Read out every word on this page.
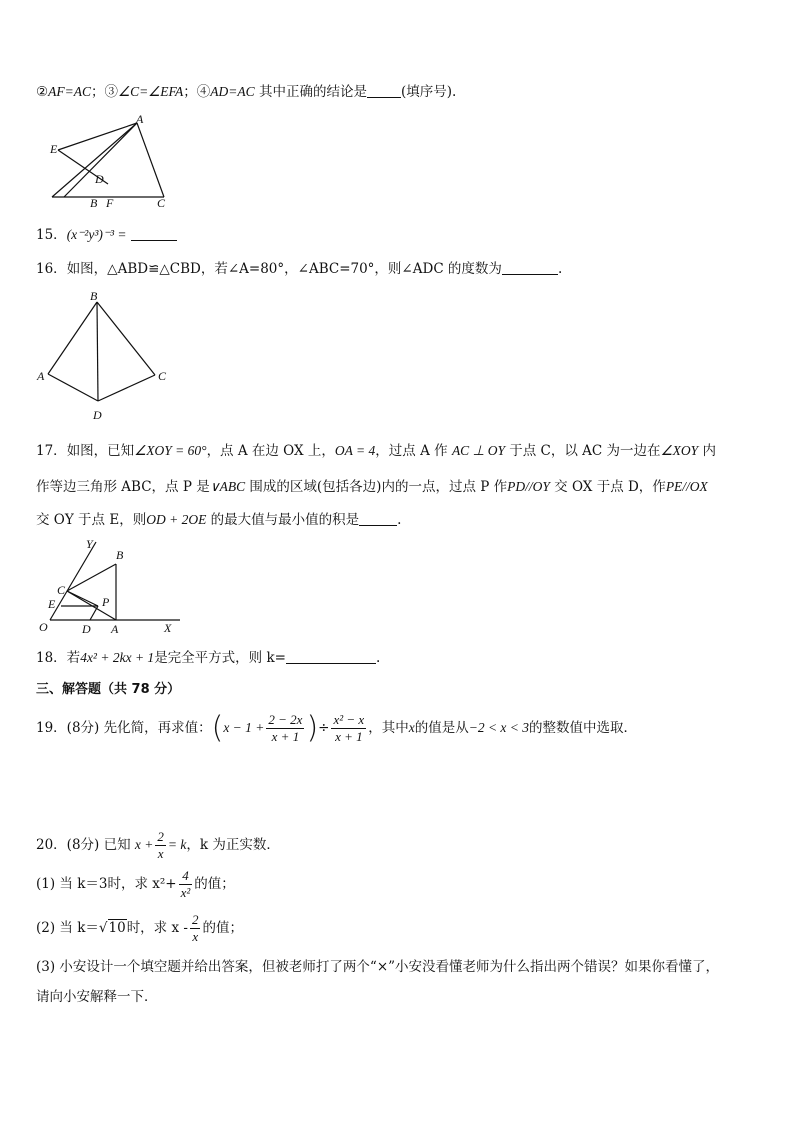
②AF=AC；③∠C=∠EFA；④AD=AC 其中正确的结论是	(填序号).
A
E
D
B F	C
15．(x⁻²y³)⁻³ =
16．如图，△ABD≌△CBD，若∠A=80°，∠ABC=70°，则∠ADC 的度数为	.
B
A	C
D
17．如图，已知∠XOY = 60°，点 A 在边 OX 上，OA = 4，过点 A 作 AC ⊥ OY 于点 C，以 AC 为一边在∠XOY 内
作等边三角形 ABC，点 P 是∨ABC 围成的区域(包括各边)内的一点，过点 P 作PD//OY 交 OX 于点 D，作PE//OX
交 OY 于点 E，则OD + 2OE 的最大值与最小值的积是	.
Y
B
C
E	P
O	D A	X
18．若4x² + 2kx + 1是完全平方式，则 k=	.
三、解答题（共 78 分）
19．(8分) 先化简，再求值：($x - 1 + \frac{2 - 2x}{x + 1}$ )÷ $\frac{\text{x² − x}}{x + 1}$ ，其中x的值是从−2 < x < 3的整数值中选取．
20．(8分) 已知 $x + \frac{2}{x} = k$，k 为正实数．
(1) 当 k＝3时，求 $x^2+ \frac{4}{\text{x²}}$ 的值；
(2) 当 k＝√10时，求 x - $\frac{2}{x}$ 的值；
(3) 小安设计一个填空题并给出答案，但被老师打了两个“×”小安没看懂老师为什么指出两个错误？如果你看懂了，
请向小安解释一下．
